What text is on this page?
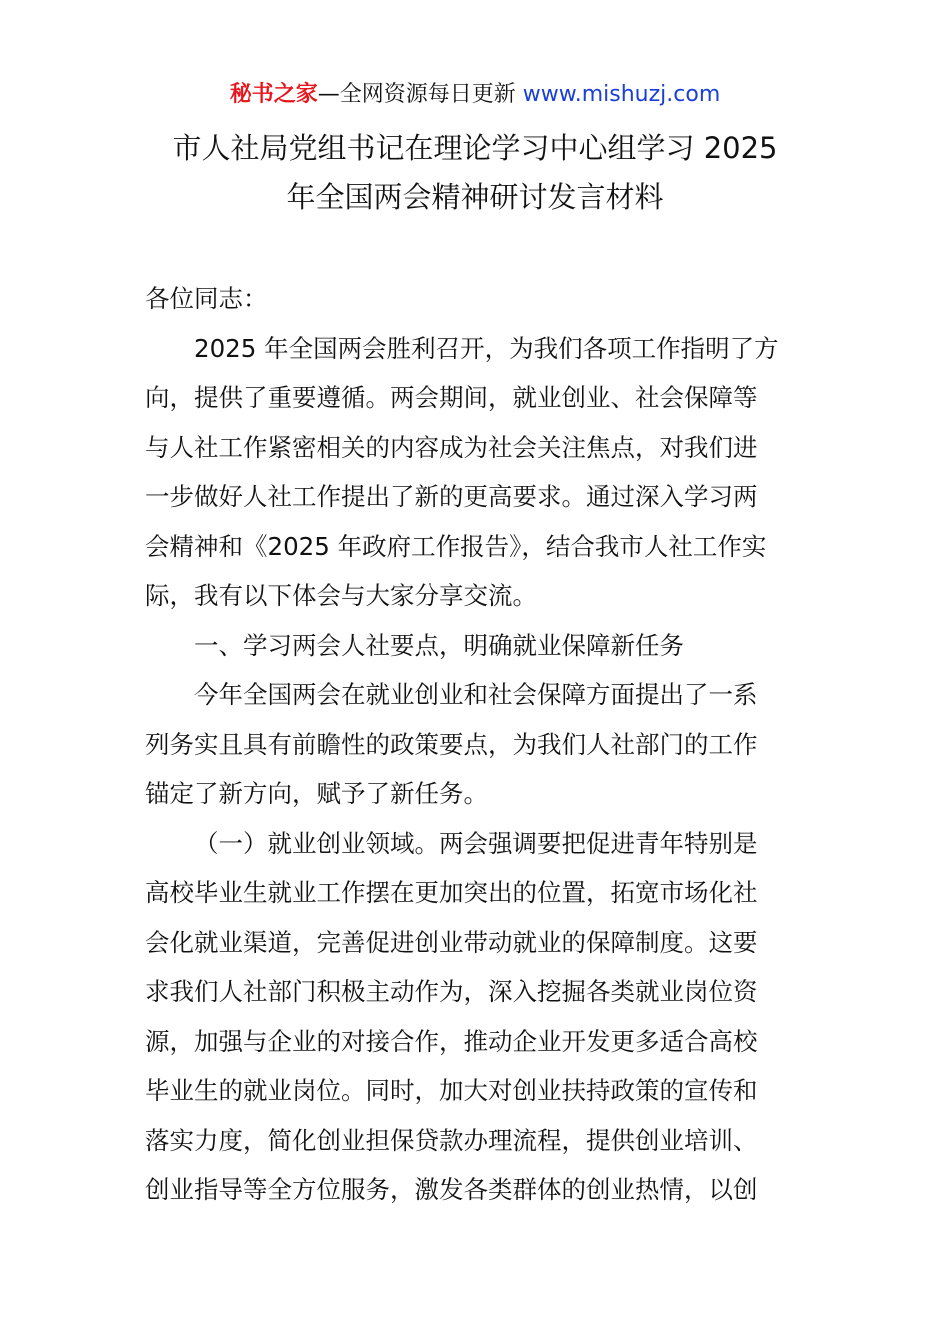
秘书之家—全网资源每日更新 www.mishuzj.com
市人社局党组书记在理论学习中心组学习 2025
年全国两会精神研讨发言材料
各位同志：
2025 年全国两会胜利召开，为我们各项工作指明了方
向，提供了重要遵循。两会期间，就业创业、社会保障等
与人社工作紧密相关的内容成为社会关注焦点，对我们进
一步做好人社工作提出了新的更高要求。通过深入学习两
会精神和《2025 年政府工作报告》，结合我市人社工作实
际，我有以下体会与大家分享交流。
一、学习两会人社要点，明确就业保障新任务
今年全国两会在就业创业和社会保障方面提出了一系
列务实且具有前瞻性的政策要点，为我们人社部门的工作
锚定了新方向，赋予了新任务。
（一）就业创业领域。两会强调要把促进青年特别是
高校毕业生就业工作摆在更加突出的位置，拓宽市场化社
会化就业渠道，完善促进创业带动就业的保障制度。这要
求我们人社部门积极主动作为，深入挖掘各类就业岗位资
源，加强与企业的对接合作，推动企业开发更多适合高校
毕业生的就业岗位。同时，加大对创业扶持政策的宣传和
落实力度，简化创业担保贷款办理流程，提供创业培训、
创业指导等全方位服务，激发各类群体的创业热情，以创
